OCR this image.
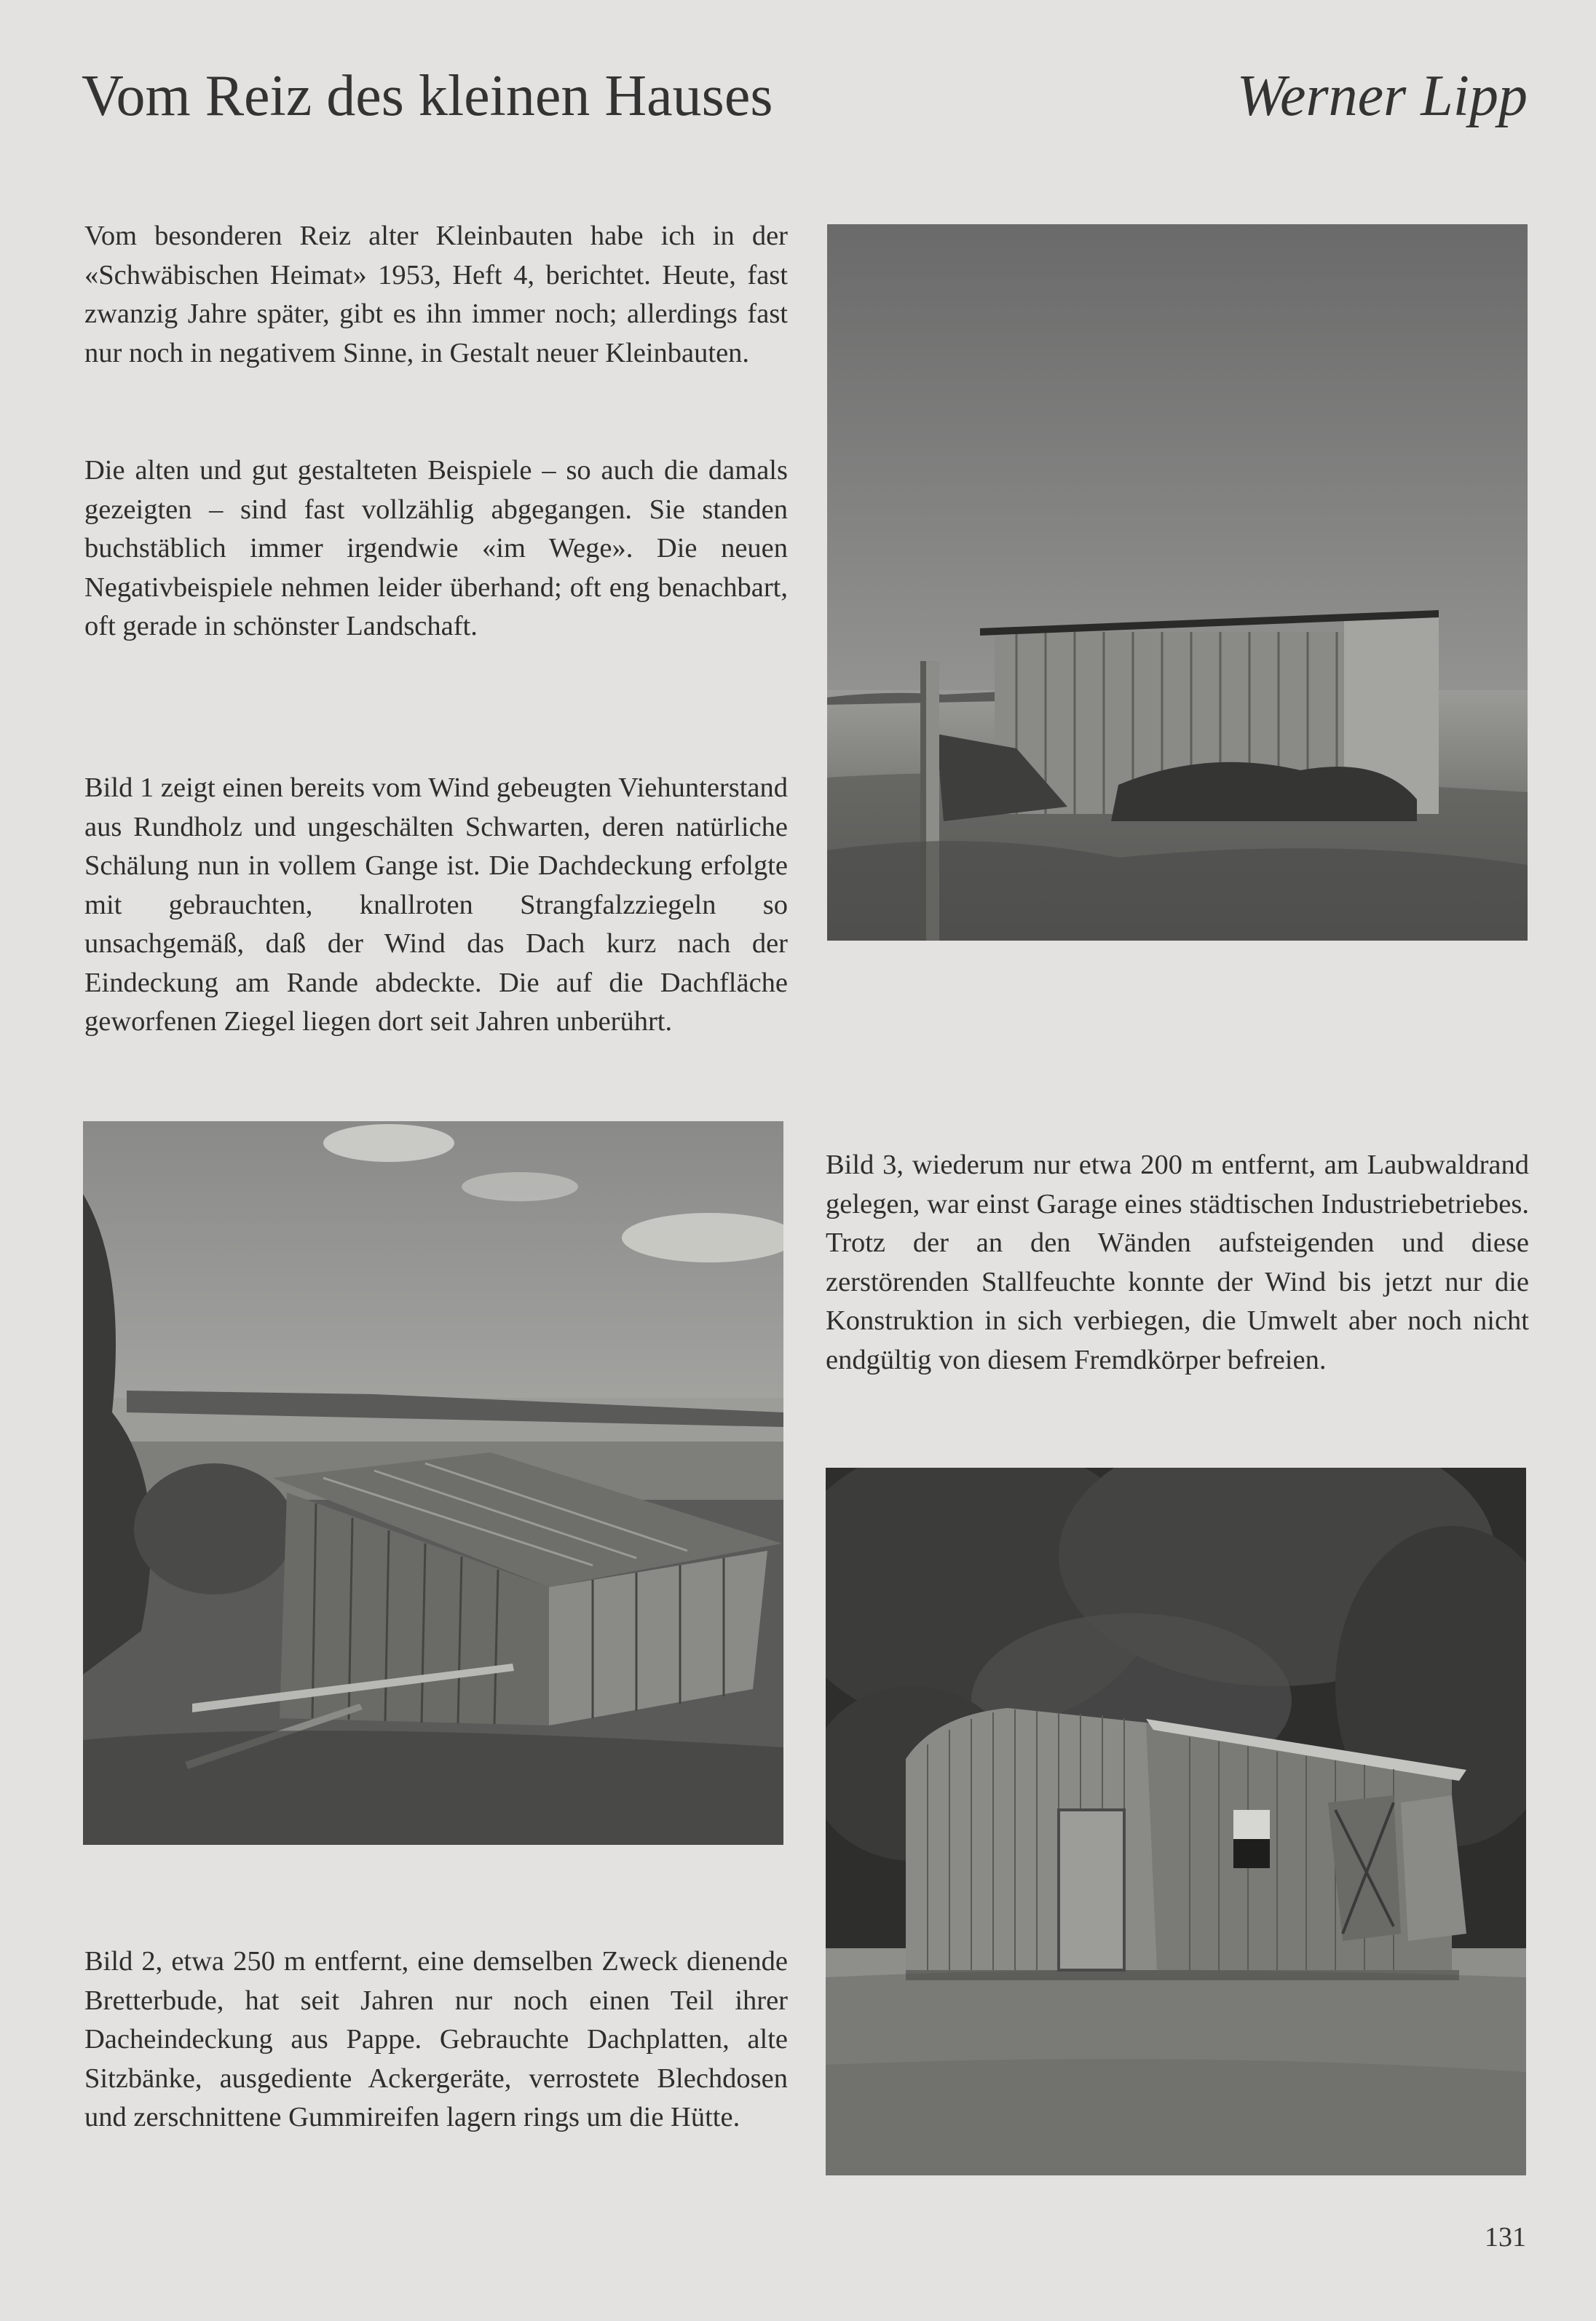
Vom Reiz des kleinen Hauses	Werner Lipp

Vom besonderen Reiz alter Kleinbauten habe ich in der «Schwäbischen Heimat» 1953, Heft 4, berichtet. Heute, fast zwanzig Jahre später, gibt es ihn immer noch; allerdings fast nur noch in negativem Sinne, in Gestalt neuer Kleinbauten.

Die alten und gut gestalteten Beispiele – so auch die damals gezeigten – sind fast vollzählig abgegangen. Sie standen buchstäblich immer irgendwie «im Wege». Die neuen Negativbeispiele nehmen leider überhand; oft eng benachbart, oft gerade in schönster Landschaft.

Bild 1 zeigt einen bereits vom Wind gebeugten Viehunterstand aus Rundholz und ungeschälten Schwarten, deren natürliche Schälung nun in vollem Gange ist. Die Dachdeckung erfolgte mit gebrauchten, knallroten Strangfalzziegeln so unsachgemäß, daß der Wind das Dach kurz nach der Eindeckung am Rande abdeckte. Die auf die Dachfläche geworfenen Ziegel liegen dort seit Jahren unberührt.

Bild 3, wiederum nur etwa 200 m entfernt, am Laubwaldrand gelegen, war einst Garage eines städtischen Industriebetriebes. Trotz der an den Wänden aufsteigenden und diese zerstörenden Stallfeuchte konnte der Wind bis jetzt nur die Konstruktion in sich verbiegen, die Umwelt aber noch nicht endgültig von diesem Fremdkörper befreien.

Bild 2, etwa 250 m entfernt, eine demselben Zweck dienende Bretterbude, hat seit Jahren nur noch einen Teil ihrer Dacheindeckung aus Pappe. Gebrauchte Dachplatten, alte Sitzbänke, ausgediente Ackergeräte, verrostete Blechdosen und zerschnittene Gummireifen lagern rings um die Hütte.

131
